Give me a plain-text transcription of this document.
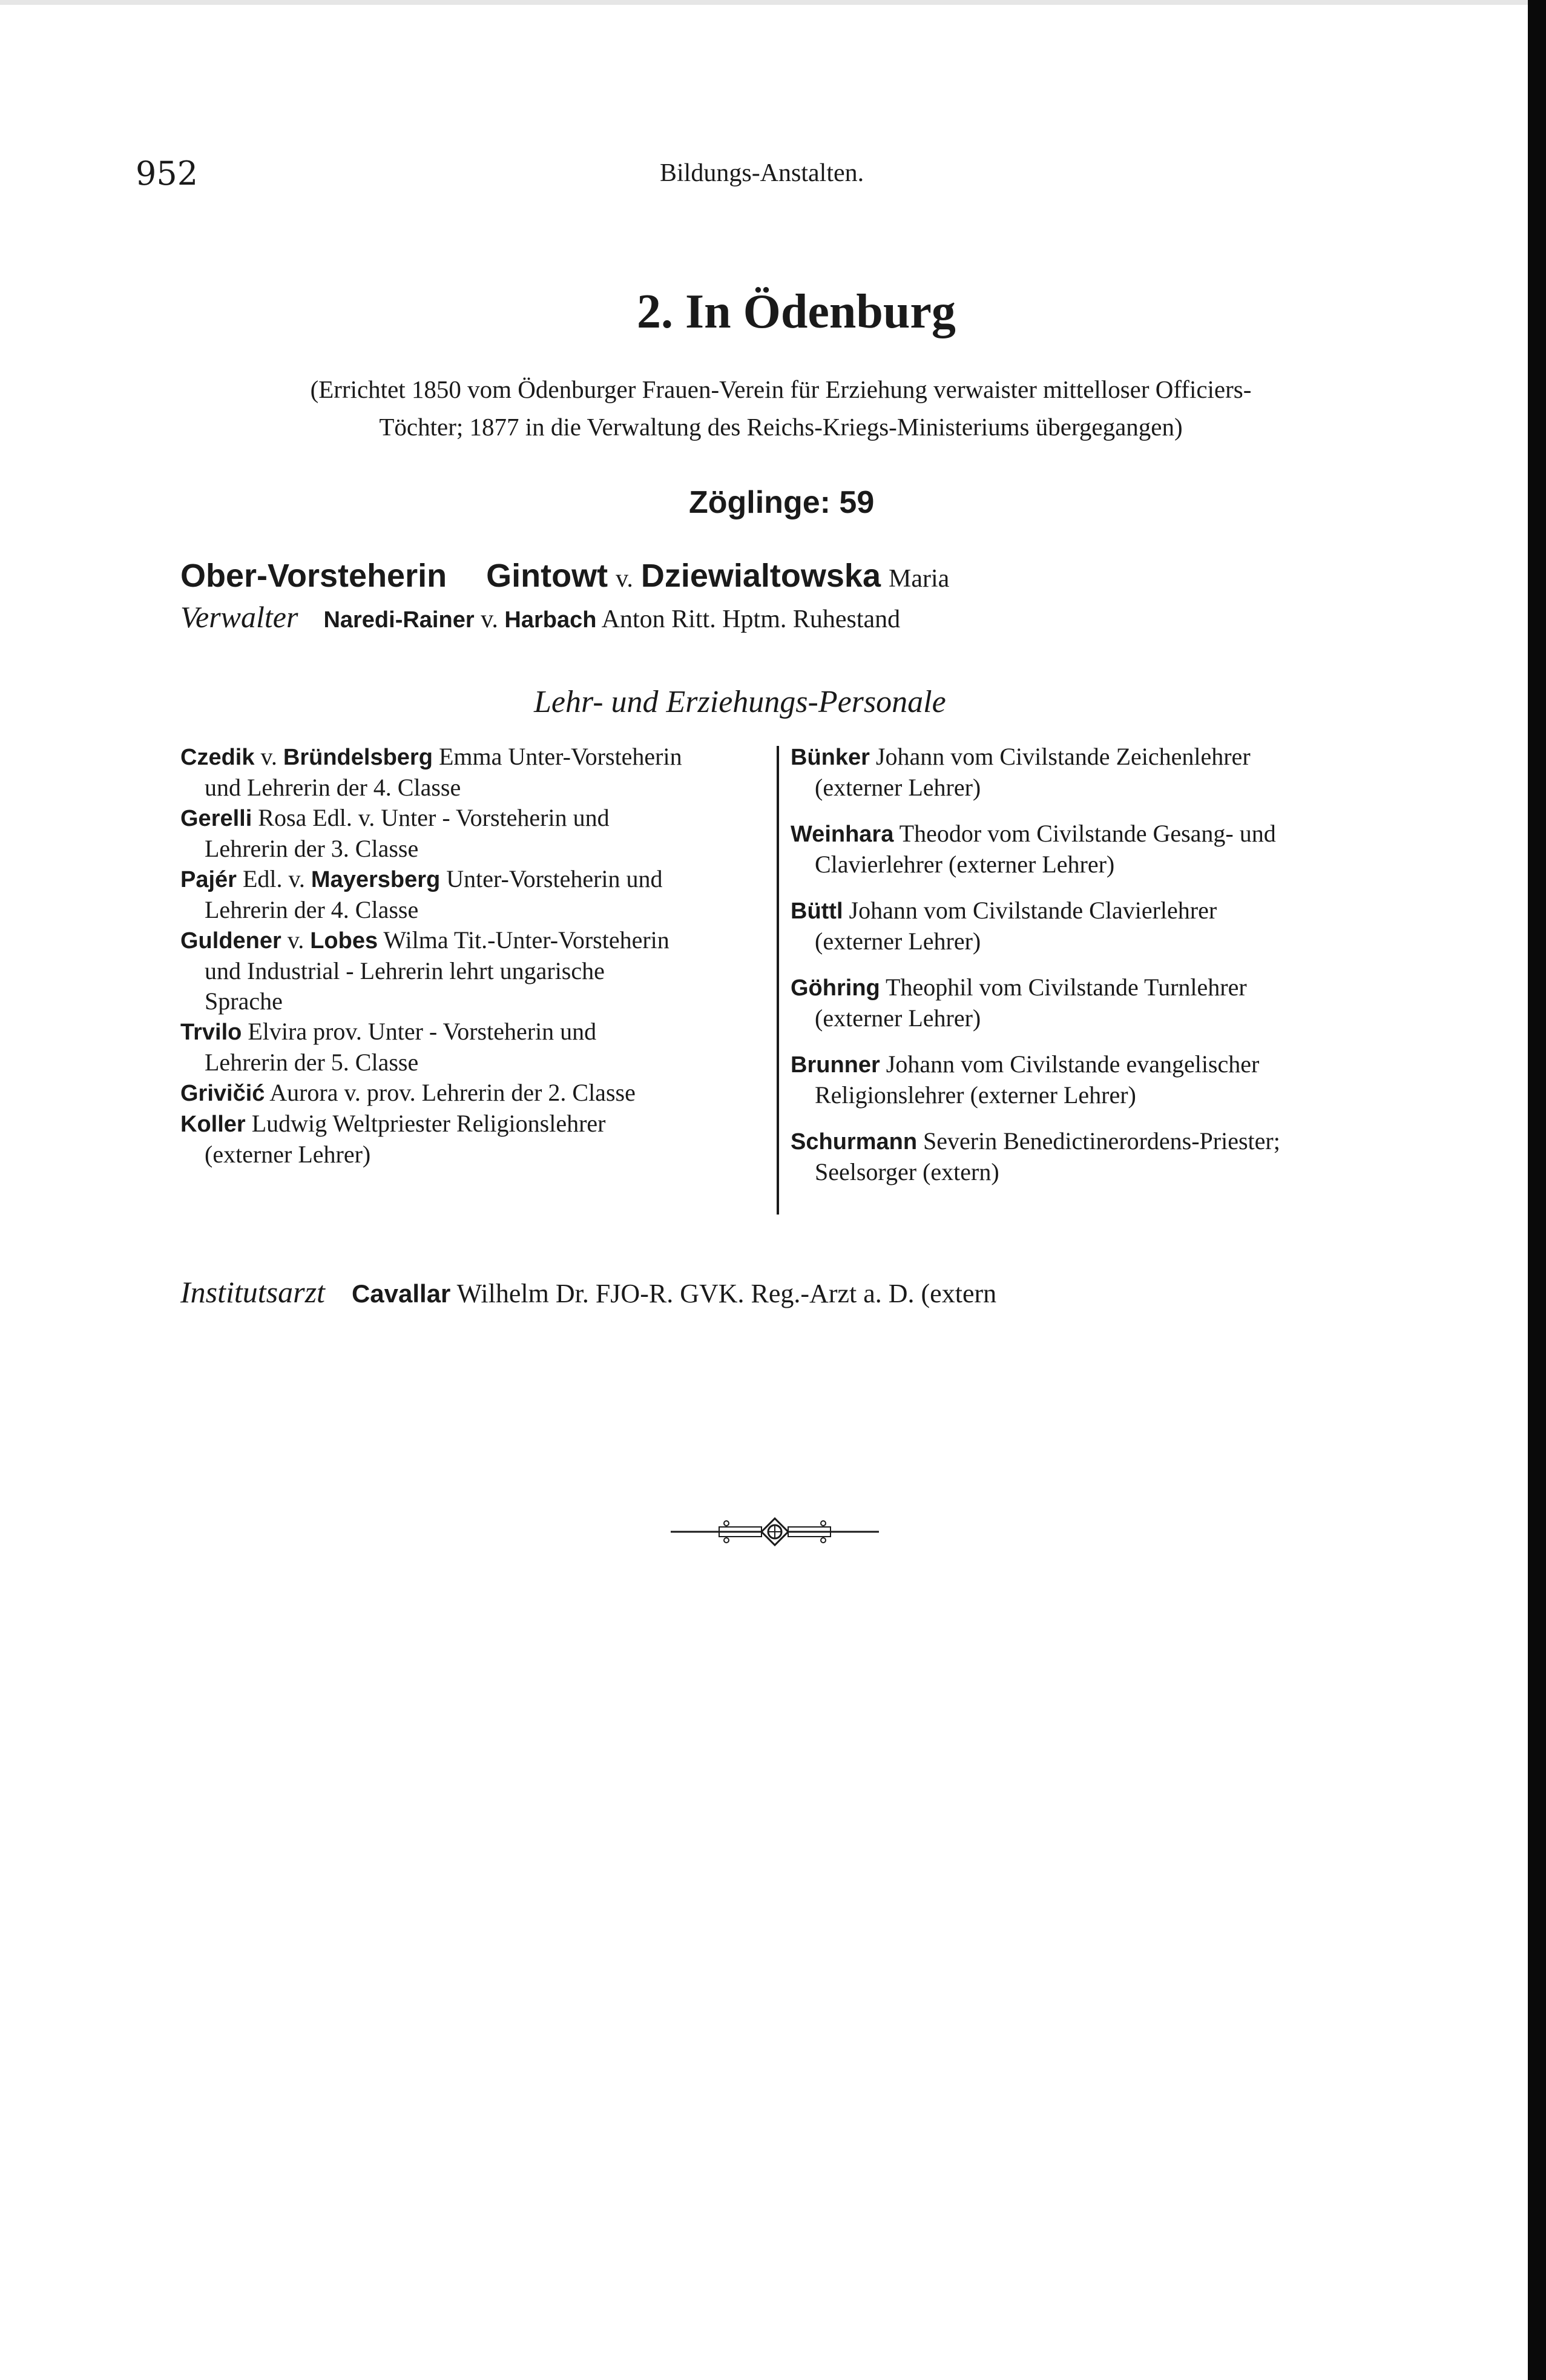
952	Bildungs-Anstalten.
2. In Ödenburg
(Errichtet 1850 vom Ödenburger Frauen-Verein für Erziehung verwaister mittelloser Officiers-
Töchter; 1877 in die Verwaltung des Reichs-Kriegs-Ministeriums übergegangen)
Zöglinge: 59
Ober-Vorsteherin Gintowt v. Dziewialtowska Maria
Verwalter Naredi-Rainer v. Harbach Anton Ritt. Hptm. Ruhestand
Lehr- und Erziehungs-Personale
Czedik v. Bründelsberg Emma Unter-Vorsteherin
und Lehrerin der 4. Classe
Gerelli Rosa Edl. v. Unter - Vorsteherin und
Lehrerin der 3. Classe
Pajér Edl. v. Mayersberg Unter-Vorsteherin und
Lehrerin der 4. Classe
Guldener v. Lobes Wilma Tit.-Unter-Vorsteherin
und Industrial - Lehrerin lehrt ungarische
Sprache
Trvilo Elvira prov. Unter - Vorsteherin und
Lehrerin der 5. Classe
Grivičić Aurora v. prov. Lehrerin der 2. Classe
Koller Ludwig Weltpriester Religionslehrer
(externer Lehrer)
Bünker Johann vom Civilstande Zeichenlehrer
(externer Lehrer)
Weinhara Theodor vom Civilstande Gesang- und
Clavierlehrer (externer Lehrer)
Büttl Johann vom Civilstande Clavierlehrer
(externer Lehrer)
Göhring Theophil vom Civilstande Turnlehrer
(externer Lehrer)
Brunner Johann vom Civilstande evangelischer
Religionslehrer (externer Lehrer)
Schurmann Severin Benedictinerordens-Priester;
Seelsorger (extern)
Institutsarzt Cavallar Wilhelm Dr. FJO-R. GVK. Reg.-Arzt a. D. (extern
